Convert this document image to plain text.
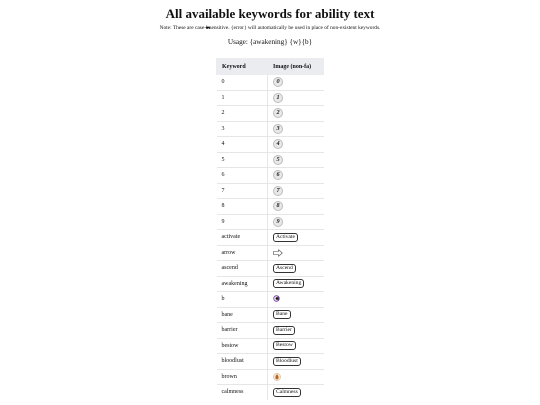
All available keywords for ability text
Note: These are case-insensitive. {error} will automatically be used in place of non-existent keywords.
Usage: {awakening} {w}{b}
Keyword	Image (non-fa)
0	0
1	1
2	2
3	3
4	4
5	5
6	6
7	7
8	8
9	9
activate	Activate
arrow	
ascend	Ascend
awakening	Awakening
b	
bane	Bane
barrier	Barrier
bestow	Bestow
bloodlust	Bloodlust
brown	
calmness	Calmness
